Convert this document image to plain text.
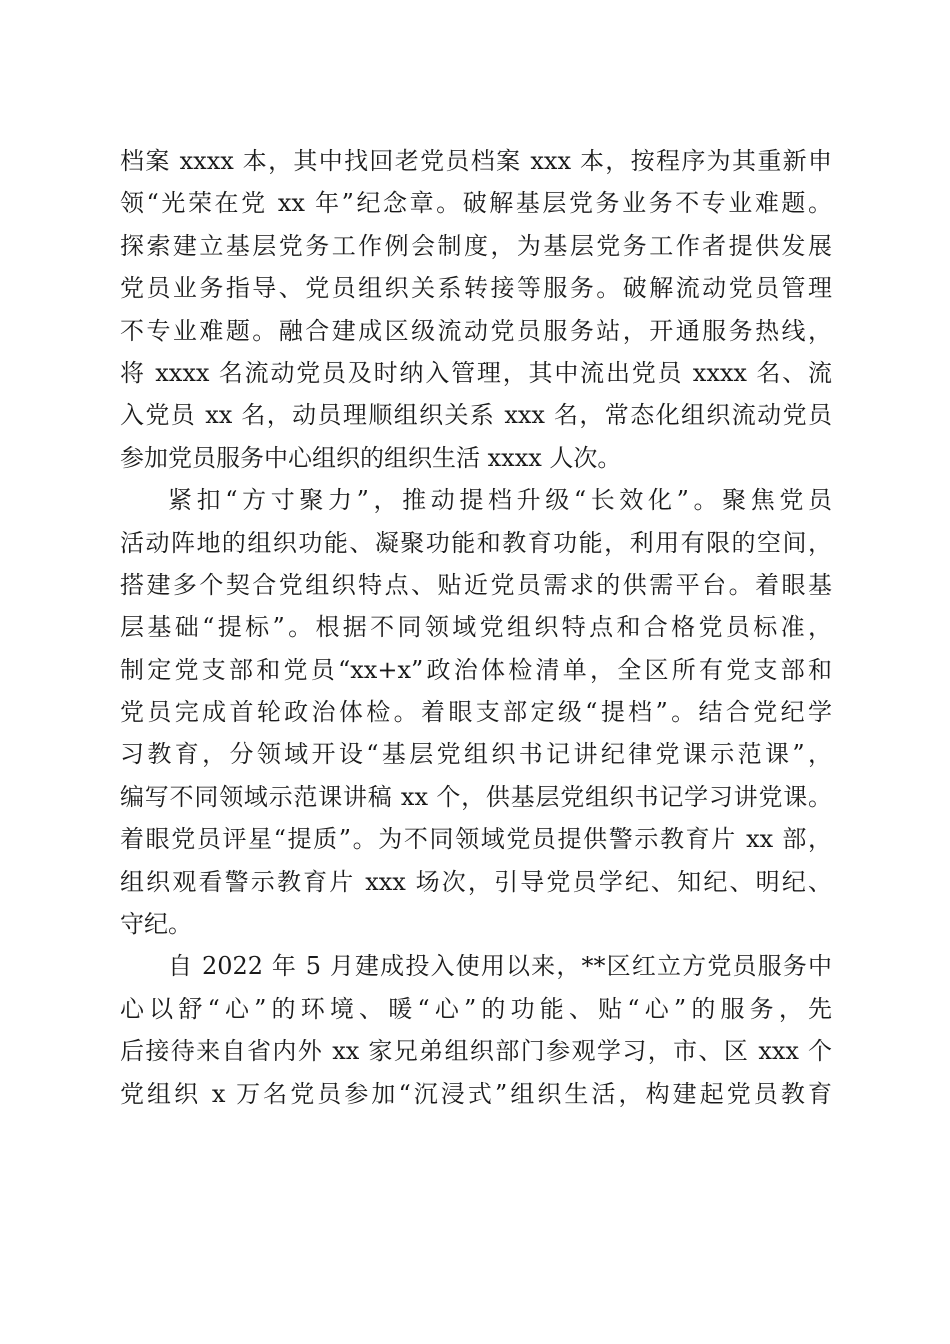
档案 xxxx 本，其中找回老党员档案 xxx 本，按程序为其重新申
领“光荣在党 xx 年”纪念章。破解基层党务业务不专业难题。
探索建立基层党务工作例会制度，为基层党务工作者提供发展
党员业务指导、党员组织关系转接等服务。破解流动党员管理
不专业难题。融合建成区级流动党员服务站，开通服务热线，
将 xxxx 名流动党员及时纳入管理，其中流出党员 xxxx 名、流
入党员 xx 名，动员理顺组织关系 xxx 名，常态化组织流动党员
参加党员服务中心组织的组织生活 xxxx 人次。
紧扣“方寸聚力”，推动提档升级“长效化”。聚焦党员
活动阵地的组织功能、凝聚功能和教育功能，利用有限的空间，
搭建多个契合党组织特点、贴近党员需求的供需平台。着眼基
层基础“提标”。根据不同领域党组织特点和合格党员标准，
制定党支部和党员“xx+x”政治体检清单，全区所有党支部和
党员完成首轮政治体检。着眼支部定级“提档”。结合党纪学
习教育，分领域开设“基层党组织书记讲纪律党课示范课”，
编写不同领域示范课讲稿 xx 个，供基层党组织书记学习讲党课。
着眼党员评星“提质”。为不同领域党员提供警示教育片 xx 部，
组织观看警示教育片 xxx 场次，引导党员学纪、知纪、明纪、
守纪。
自 2022 年 5 月建成投入使用以来，**区红立方党员服务中
心以舒“心”的环境、暖“心”的功能、贴“心”的服务，先
后接待来自省内外 xx 家兄弟组织部门参观学习，市、区 xxx 个
党组织 x 万名党员参加“沉浸式”组织生活，构建起党员教育
